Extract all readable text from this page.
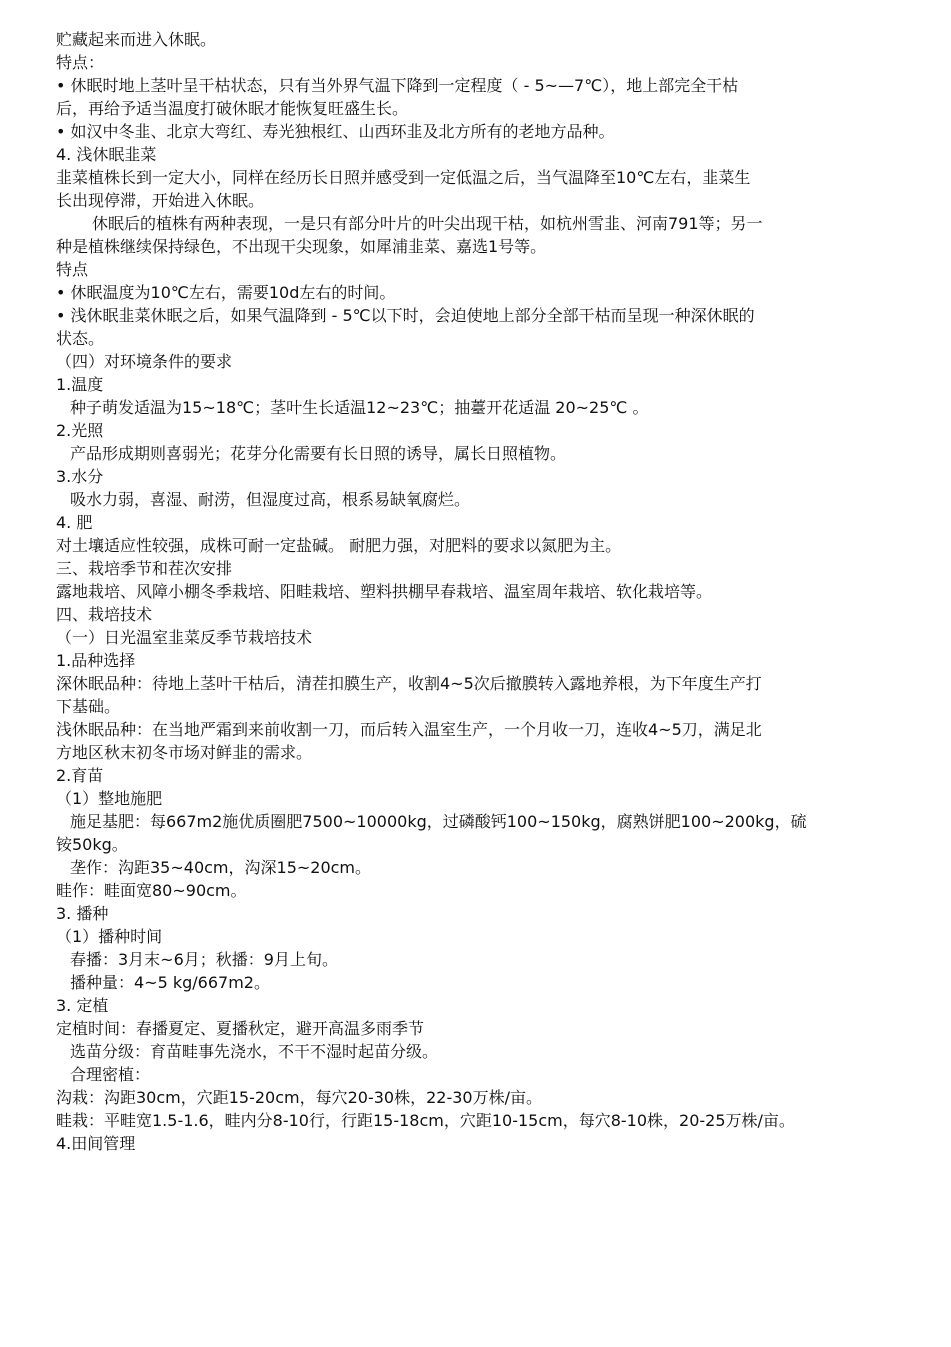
贮藏起来而进入休眠。
特点：
• 休眠时地上茎叶呈干枯状态，只有当外界气温下降到一定程度（ - 5~—7℃），地上部完全干枯
后，再给予适当温度打破休眠才能恢复旺盛生长。
• 如汉中冬韭、北京大弯红、寿光独根红、山西环韭及北方所有的老地方品种。
4. 浅休眠韭菜
韭菜植株长到一定大小，同样在经历长日照并感受到一定低温之后，当气温降至10℃左右，韭菜生
长出现停滞，开始进入休眠。
休眠后的植株有两种表现，一是只有部分叶片的叶尖出现干枯，如杭州雪韭、河南791等；另一
种是植株继续保持绿色，不出现干尖现象，如犀浦韭菜、嘉选1号等。
特点
• 休眠温度为10℃左右，需要10d左右的时间。
• 浅休眠韭菜休眠之后，如果气温降到 - 5℃以下时，会迫使地上部分全部干枯而呈现一种深休眠的
状态。
（四）对环境条件的要求
1.温度
种子萌发适温为15~18℃；茎叶生长适温12~23℃；抽薹开花适温 20~25℃ 。
2.光照
产品形成期则喜弱光；花芽分化需要有长日照的诱导，属长日照植物。
3.水分
吸水力弱，喜湿、耐涝，但湿度过高，根系易缺氧腐烂。
4. 肥
对土壤适应性较强，成株可耐一定盐碱。 耐肥力强，对肥料的要求以氮肥为主。
三、栽培季节和茬次安排
露地栽培、风障小棚冬季栽培、阳畦栽培、塑料拱棚早春栽培、温室周年栽培、软化栽培等。
四、栽培技术
（一）日光温室韭菜反季节栽培技术
1.品种选择
深休眠品种：待地上茎叶干枯后，清茬扣膜生产，收割4~5次后撤膜转入露地养根，为下年度生产打
下基础。
浅休眠品种：在当地严霜到来前收割一刀，而后转入温室生产，一个月收一刀，连收4~5刀，满足北
方地区秋末初冬市场对鲜韭的需求。
2.育苗
（1）整地施肥
施足基肥：每667m2施优质圈肥7500~10000kg，过磷酸钙100~150kg，腐熟饼肥100~200kg，硫
铵50kg。
垄作：沟距35~40cm，沟深15~20cm。
畦作：畦面宽80~90cm。
3. 播种
（1）播种时间
春播：3月末~6月；秋播：9月上旬。
播种量：4~5 kg/667m2。
3. 定植
定植时间：春播夏定、夏播秋定，避开高温多雨季节
选苗分级：育苗畦事先浇水，不干不湿时起苗分级。
合理密植：
沟栽：沟距30cm，穴距15-20cm，每穴20-30株，22-30万株/亩。
畦栽：平畦宽1.5-1.6，畦内分8-10行，行距15-18cm，穴距10-15cm，每穴8-10株，20-25万株/亩。
4.田间管理
